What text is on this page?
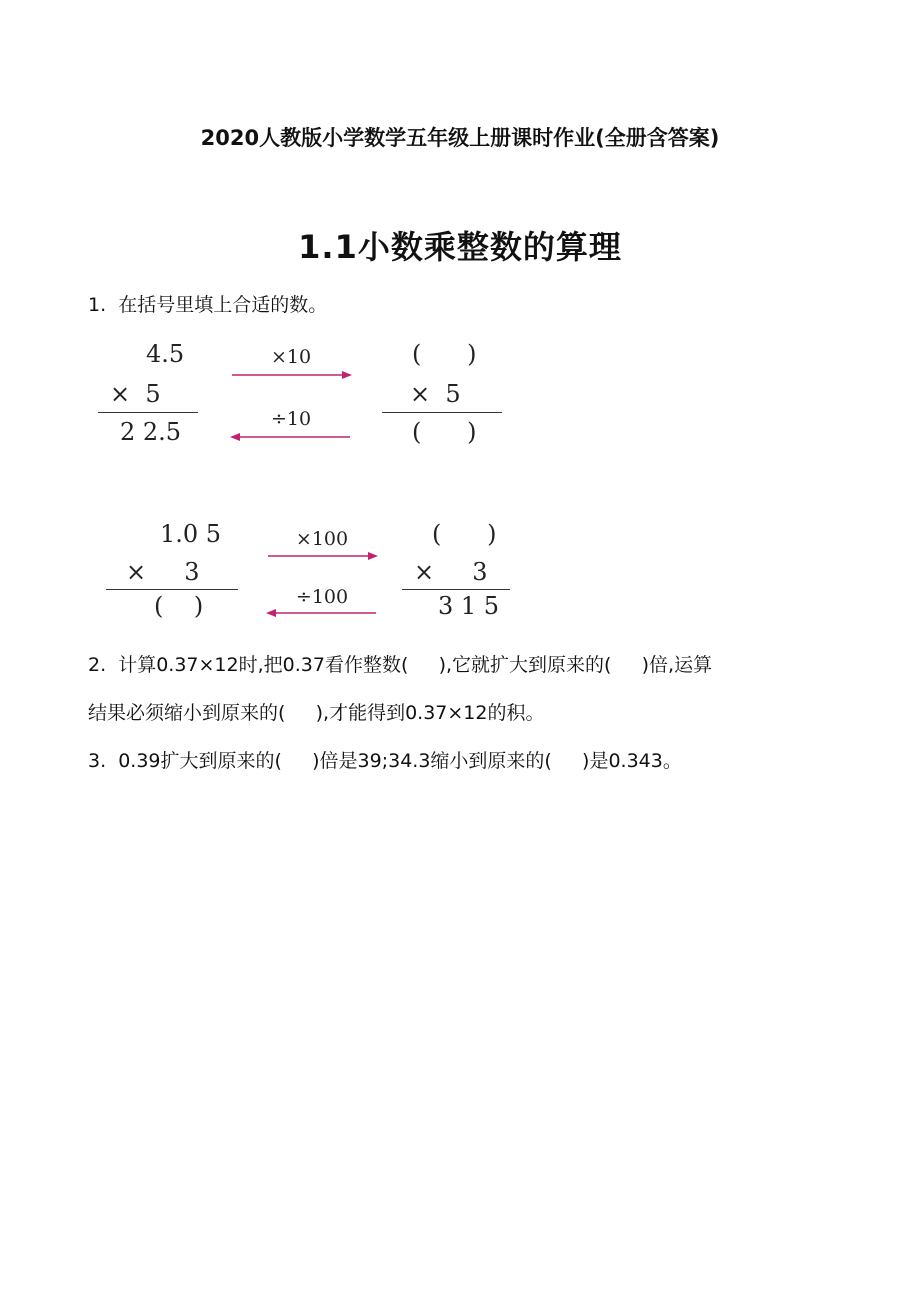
2020人教版小学数学五年级上册课时作业(全册含答案)
1.1小数乘整数的算理
1.  在括号里填上合适的数。
4.5
×  5
2 2.5
×10
÷10
(      )
×  5
(      )
1.0 5
×     3
(    )
×100
÷100
(      )
×     3
3 1 5
2.  计算0.37×12时,把0.37看作整数(     ),它就扩大到原来的(     )倍,运算
结果必须缩小到原来的(     ),才能得到0.37×12的积。
3.  0.39扩大到原来的(     )倍是39;34.3缩小到原来的(     )是0.343。
